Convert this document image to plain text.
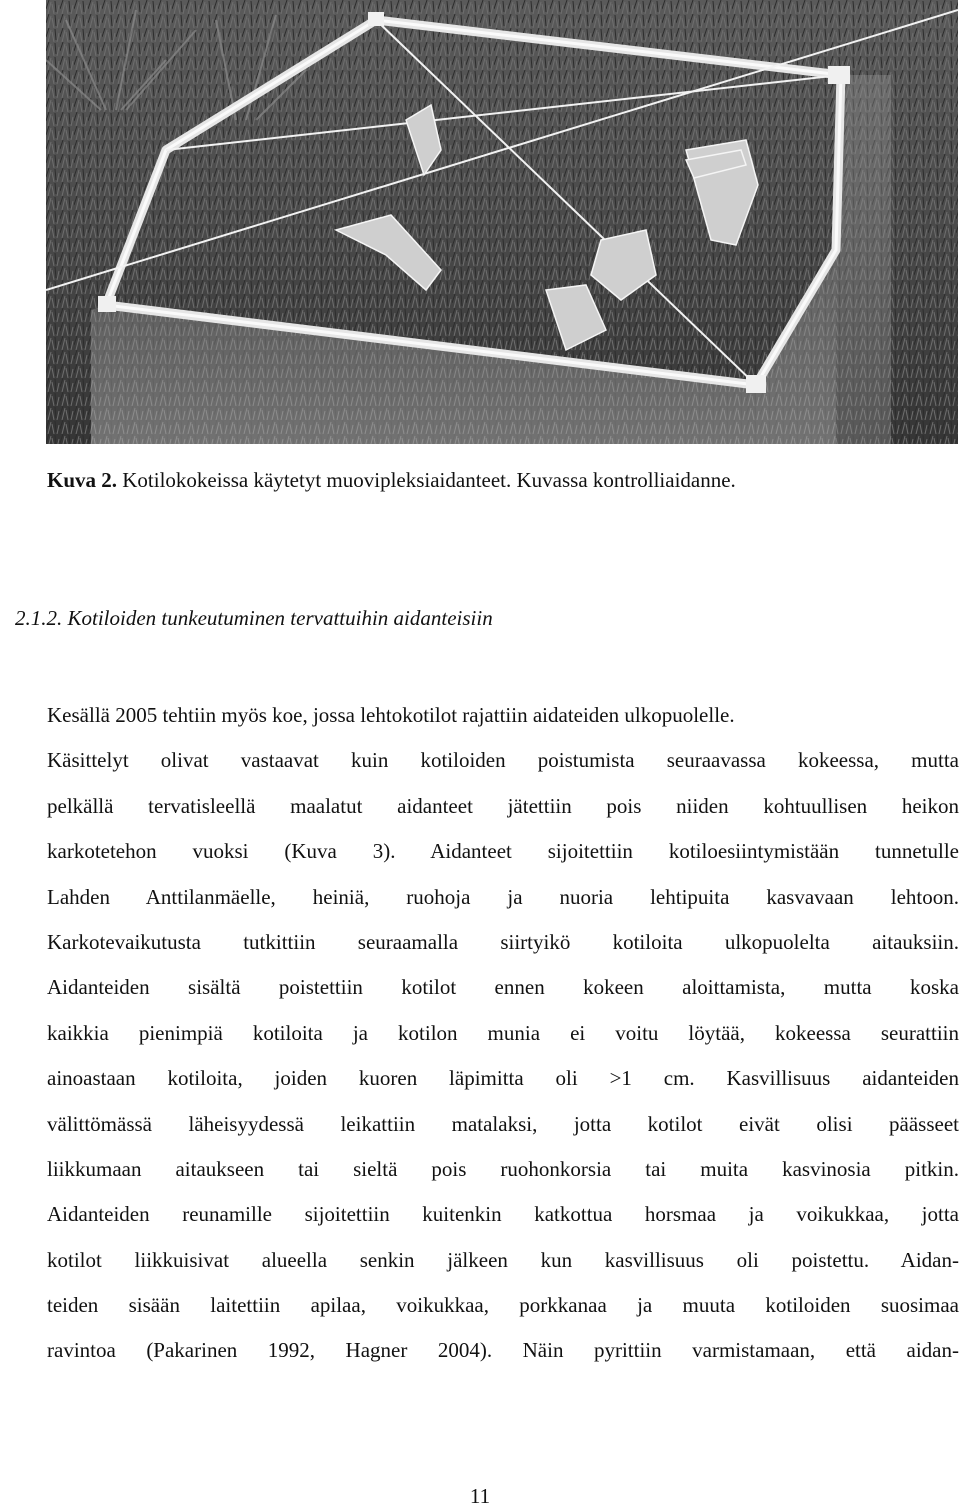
Kuva 2. Kotilokokeissa käytetyt muovipleksiaidanteet. Kuvassa kontrolliaidanne.
2.1.2. Kotiloiden tunkeutuminen tervattuihin aidanteisiin
Kesällä 2005 tehtiin myös koe, jossa lehtokotilot rajattiin aidateiden ulkopuolelle.
Käsittelyt olivat vastaavat kuin kotiloiden poistumista seuraavassa kokeessa, mutta
pelkällä tervatisleellä maalatut aidanteet jätettiin pois niiden kohtuullisen heikon
karkotetehon vuoksi (Kuva 3). Aidanteet sijoitettiin kotiloesiintymistään tunnetulle
Lahden Anttilanmäelle, heiniä, ruohoja ja nuoria lehtipuita kasvavaan lehtoon.
Karkotevaikutusta tutkittiin seuraamalla siirtyikö kotiloita ulkopuolelta aitauksiin.
Aidanteiden sisältä poistettiin kotilot ennen kokeen aloittamista, mutta koska
kaikkia pienimpiä kotiloita ja kotilon munia ei voitu löytää, kokeessa seurattiin
ainoastaan kotiloita, joiden kuoren läpimitta oli >1 cm. Kasvillisuus aidanteiden
välittömässä läheisyydessä leikattiin matalaksi, jotta kotilot eivät olisi päässeet
liikkumaan aitaukseen tai sieltä pois ruohonkorsia tai muita kasvinosia pitkin.
Aidanteiden reunamille sijoitettiin kuitenkin katkottua horsmaa ja voikukkaa, jotta
kotilot liikkuisivat alueella senkin jälkeen kun kasvillisuus oli poistettu. Aidan-
teiden sisään laitettiin apilaa, voikukkaa, porkkanaa ja muuta kotiloiden suosimaa
ravintoa (Pakarinen 1992, Hagner 2004). Näin pyrittiin varmistamaan, että aidan-
11
